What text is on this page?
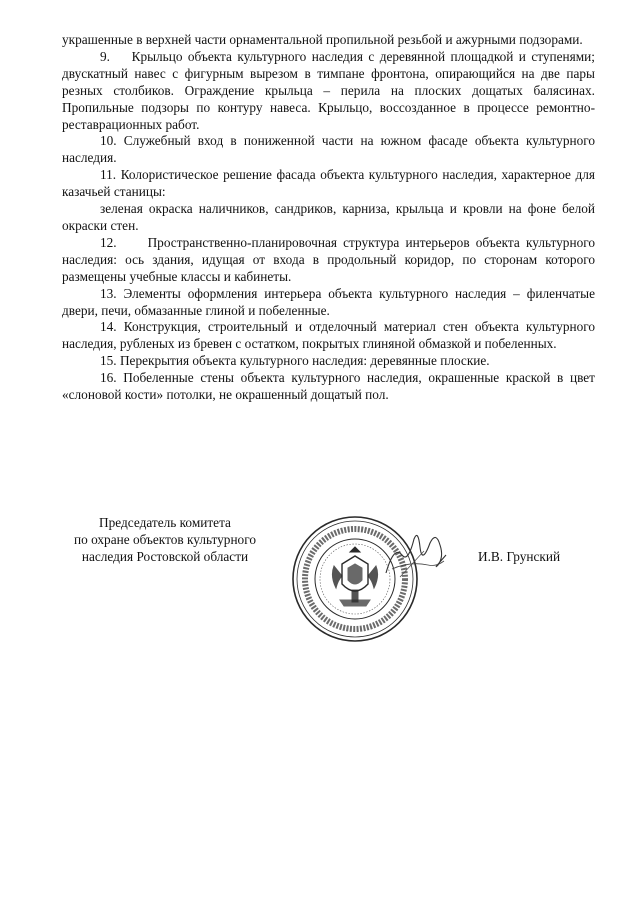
украшенные в верхней части орнаментальной пропильной резьбой и ажурными подзорами.

9.    Крыльцо объекта культурного наследия с деревянной площадкой и ступенями; двускатный навес с фигурным вырезом в тимпане фронтона, опирающийся на две пары резных столбиков. Ограждение крыльца – перила на плоских дощатых балясинах. Пропильные подзоры по контуру навеса. Крыльцо, воссозданное в процессе ремонтно-реставрационных работ.

10. Служебный вход в пониженной части на южном фасаде объекта культурного наследия.

11. Колористическое решение фасада объекта культурного наследия, характерное для казачьей станицы:

зеленая окраска наличников, сандриков, карниза, крыльца и кровли на фоне белой окраски стен.

12.     Пространственно-планировочная структура интерьеров объекта культурного наследия: ось здания, идущая от входа в продольный коридор, по сторонам которого размещены учебные классы и кабинеты.

13. Элементы оформления интерьера объекта культурного наследия – филенчатые двери, печи, обмазанные глиной и побеленные.

14. Конструкция, строительный и отделочный материал стен объекта культурного наследия, рубленых из бревен с остатком, покрытых глиняной обмазкой и побеленных.

15. Перекрытия объекта культурного наследия: деревянные плоские.

16. Побеленные стены объекта культурного наследия, окрашенные краской в цвет «слоновой кости» потолки, не окрашенный дощатый пол.

Председатель комитета
по охране объектов культурного
наследия Ростовской области	И.В. Грунский
